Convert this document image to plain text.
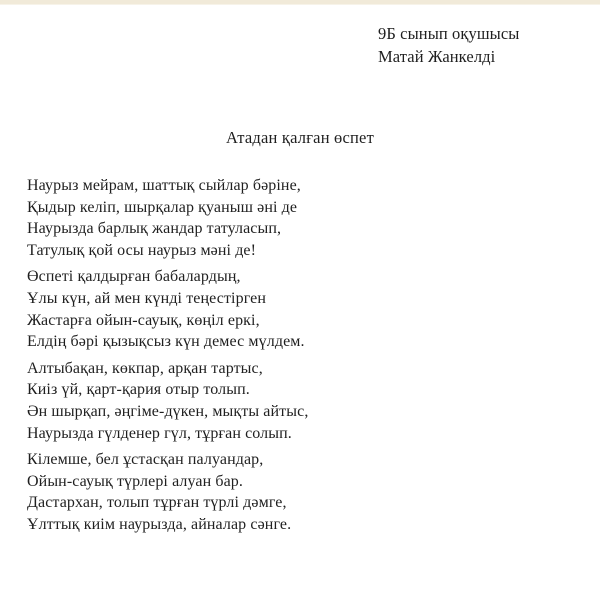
9Б сынып оқушысы
Матай Жанкелді
Атадан қалған өспет
Наурыз мейрам, шаттық сыйлар бәріне,
Қыдыр келіп, шырқалар қуаныш әні де
Наурызда барлық жандар татуласып,
Татулық қой осы наурыз мәні де!
Өспеті қалдырған бабалардың,
Ұлы күн, ай мен күнді теңестірген
Жастарға ойын-сауық, көңіл еркі,
Елдің бәрі қызықсыз күн демес мүлдем.
Алтыбақан, көкпар, арқан тартыс,
Киіз үй, қарт-қария отыр толып.
Ән шырқап, әңгіме-дүкен, мықты айтыс,
Наурызда гүлденер гүл, тұрған солып.
Кілемше, бел ұстасқан палуандар,
Ойын-сауық түрлері алуан бар.
Дастархан, толып тұрған түрлі дәмге,
Ұлттық киім наурызда, айналар сәнге.
